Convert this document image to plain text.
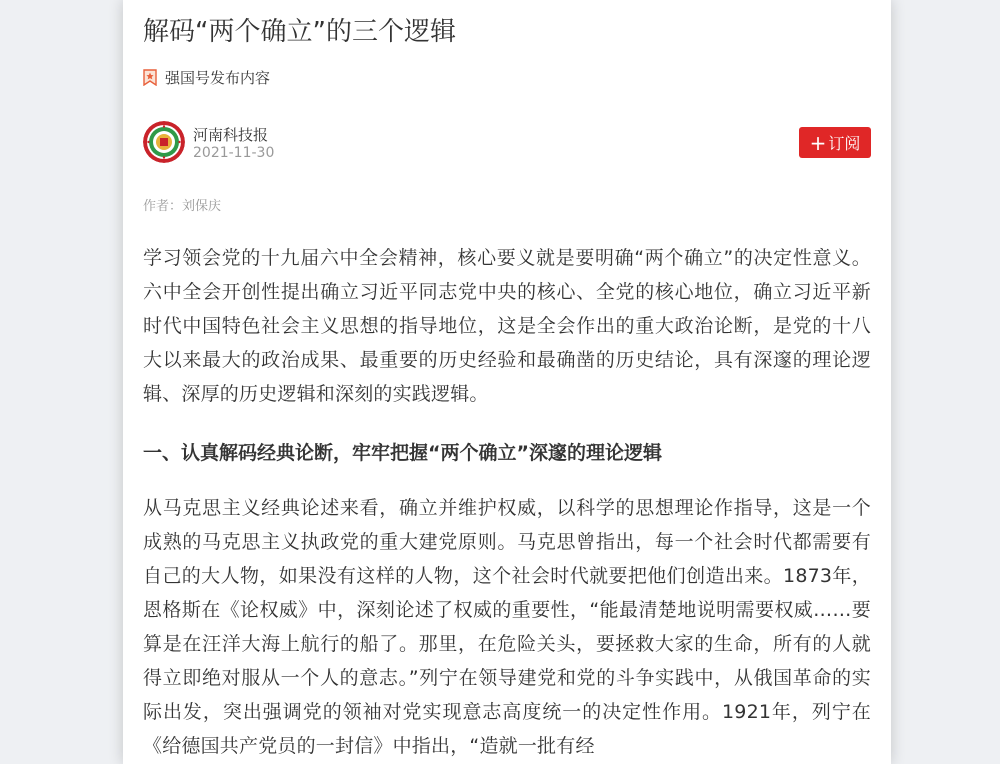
解码“两个确立”的三个逻辑
强国号发布内容
河南科技报
2021-11-30	+ 订阅
作者：刘保庆

学习领会党的十九届六中全会精神，核心要义就是要明确“两个确立”的决定性意义。六中全会开创性提出确立习近平同志党中央的核心、全党的核心地位，确立习近平新时代中国特色社会主义思想的指导地位，这是全会作出的重大政治论断，是党的十八大以来最大的政治成果、最重要的历史经验和最确凿的历史结论，具有深邃的理论逻辑、深厚的历史逻辑和深刻的实践逻辑。

一、认真解码经典论断，牢牢把握“两个确立”深邃的理论逻辑

从马克思主义经典论述来看，确立并维护权威，以科学的思想理论作指导，这是一个成熟的马克思主义执政党的重大建党原则。马克思曾指出，每一个社会时代都需要有自己的大人物，如果没有这样的人物，这个社会时代就要把他们创造出来。1873年，恩格斯在《论权威》中，深刻论述了权威的重要性，“能最清楚地说明需要权威……要算是在汪洋大海上航行的船了。那里，在危险关头，要拯救大家的生命，所有的人就得立即绝对服从一个人的意志。”列宁在领导建党和党的斗争实践中，从俄国革命的实际出发，突出强调党的领袖对党实现意志高度统一的决定性作用。1921年，列宁在《给德国共产党员的一封信》中指出，“造就一批有经
